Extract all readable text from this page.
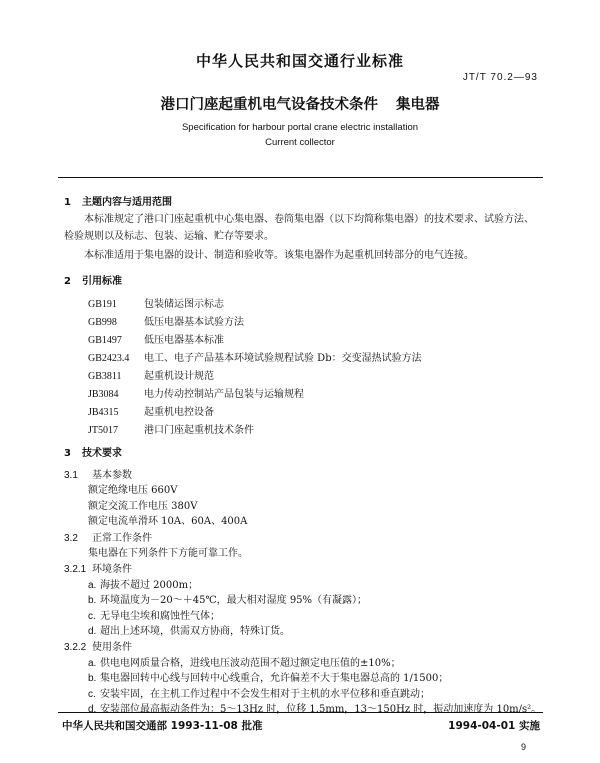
中华人民共和国交通行业标准
JT/T 70.2—93
港口门座起重机电气设备技术条件 集电器
Specification for harbour portal crane electric installation
Current collector
1 主题内容与适用范围
本标准规定了港口门座起重机中心集电器、卷筒集电器（以下均简称集电器）的技术要求、试验方法、检验规则以及标志、包装、运输、贮存等要求。
本标准适用于集电器的设计、制造和验收等。该集电器作为起重机回转部分的电气连接。
2 引用标准
GB191	包装储运图示标志
GB998	低压电器基本试验方法
GB1497 低压电器基本标准
GB2423.4 电工、电子产品基本环境试验规程试验 Db：交变湿热试验方法
GB3811 起重机设计规范
JB3084	电力传动控制站产品包装与运输规程
JB4315	起重机电控设备
JT5017	港口门座起重机技术条件
3 技术要求
3.1 基本参数
额定绝缘电压 660V
额定交流工作电压 380V
额定电流单滑环 10A、60A、400A
3.2 正常工作条件
集电器在下列条件下方能可靠工作。
3.2.1 环境条件
a. 海拔不超过 2000m；
b. 环境温度为－20～＋45℃，最大相对湿度 95%（有凝露）；
c. 无导电尘埃和腐蚀性气体；
d. 超出上述环境，供需双方协商，特殊订货。
3.2.2 使用条件
a. 供电电网质量合格，进线电压波动范围不超过额定电压值的±10%；
b. 集电器回转中心线与回转中心线重合，允许偏差不大于集电器总高的 1/1500；
c. 安装牢固，在主机工作过程中不会发生相对于主机的水平位移和垂直跳动；
d. 安装部位最高振动条件为：5～13Hz 时，位移 1.5mm，13～150Hz 时，振动加速度为 10m/s²。
中华人民共和国交通部 1993-11-08 批准	1994-04-01 实施
9
